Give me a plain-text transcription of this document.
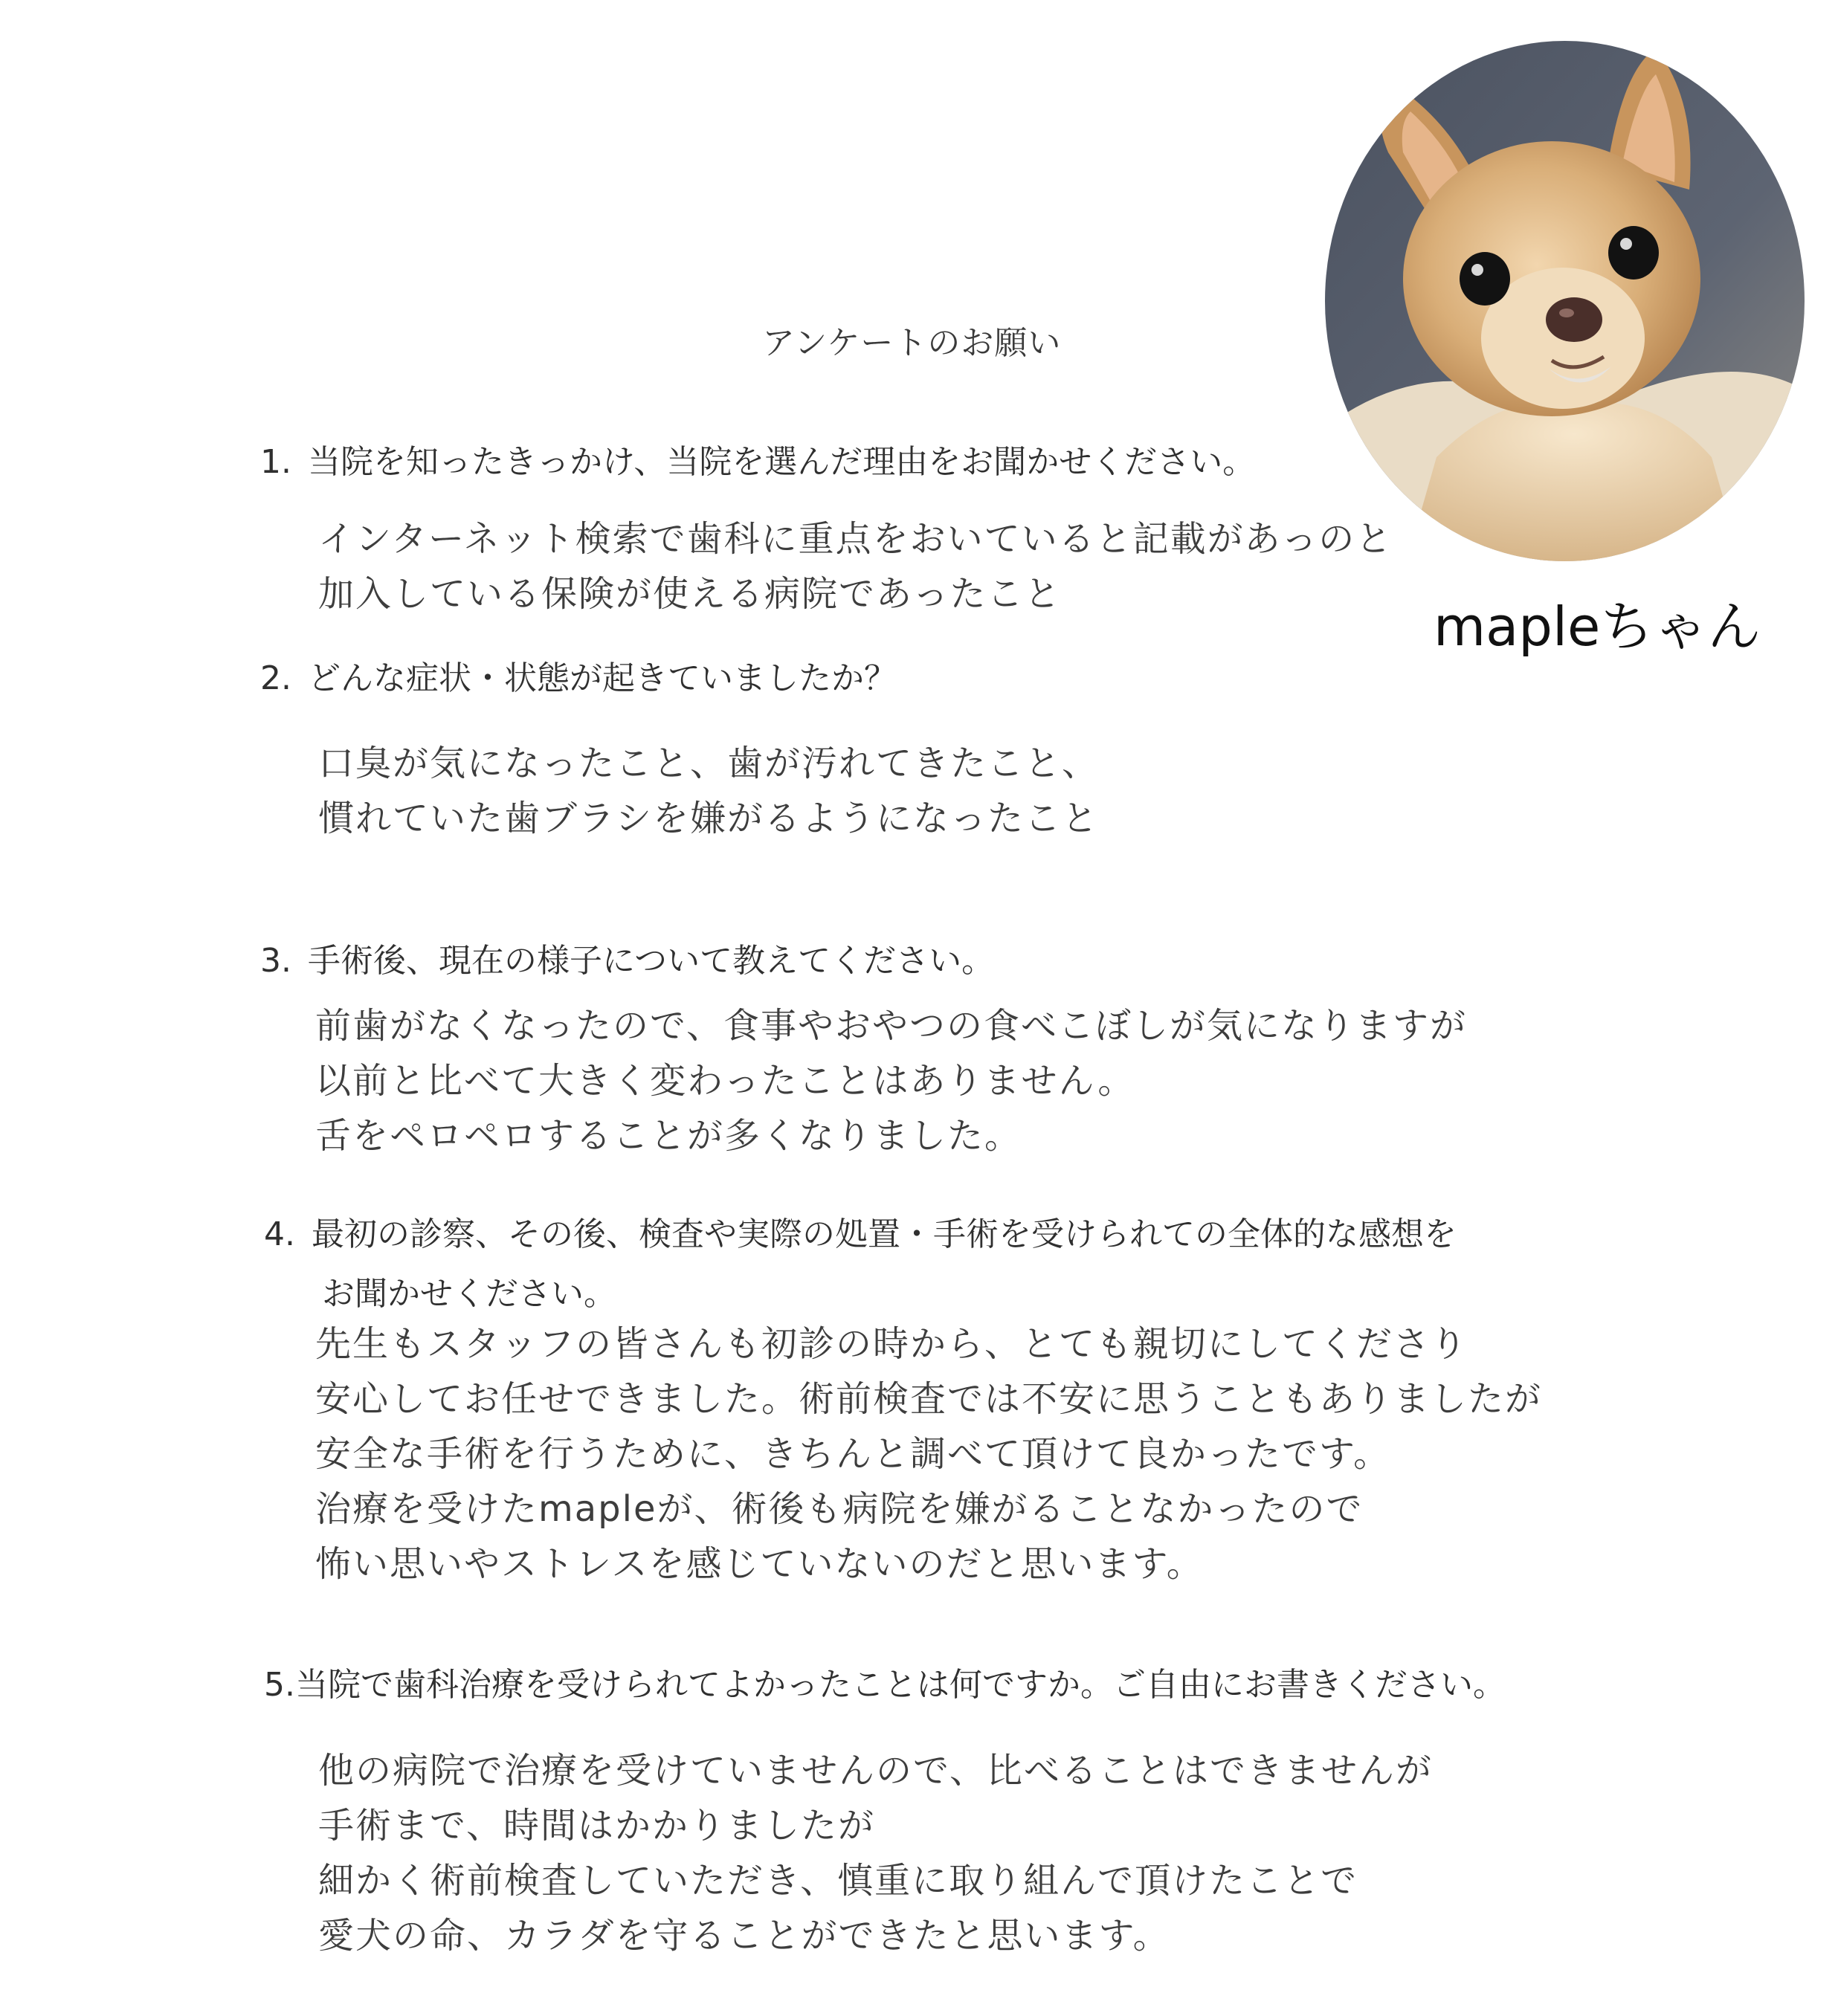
アンケートのお願い
1. 当院を知ったきっかけ、当院を選んだ理由をお聞かせください。
インターネット検索で歯科に重点をおいていると記載があっのと
加入している保険が使える病院であったこと
2. どんな症状・状態が起きていましたか？
口臭が気になったこと、歯が汚れてきたこと、
慣れていた歯ブラシを嫌がるようになったこと
3. 手術後、現在の様子について教えてください。
前歯がなくなったので、食事やおやつの食べこぼしが気になりますが
以前と比べて大きく変わったことはありません。
舌をペロペロすることが多くなりました。
4. 最初の診察、その後、検査や実際の処置・手術を受けられての全体的な感想を
お聞かせください。
先生もスタッフの皆さんも初診の時から、とても親切にしてくださり
安心してお任せできました。術前検査では不安に思うこともありましたが
安全な手術を行うために、きちんと調べて頂けて良かったです。
治療を受けたmapleが、術後も病院を嫌がることなかったので
怖い思いやストレスを感じていないのだと思います。
5.当院で歯科治療を受けられてよかったことは何ですか。ご自由にお書きください。
他の病院で治療を受けていませんので、比べることはできませんが
手術まで、時間はかかりましたが
細かく術前検査していただき、慎重に取り組んで頂けたことで
愛犬の命、カラダを守ることができたと思います。
mapleちゃん
